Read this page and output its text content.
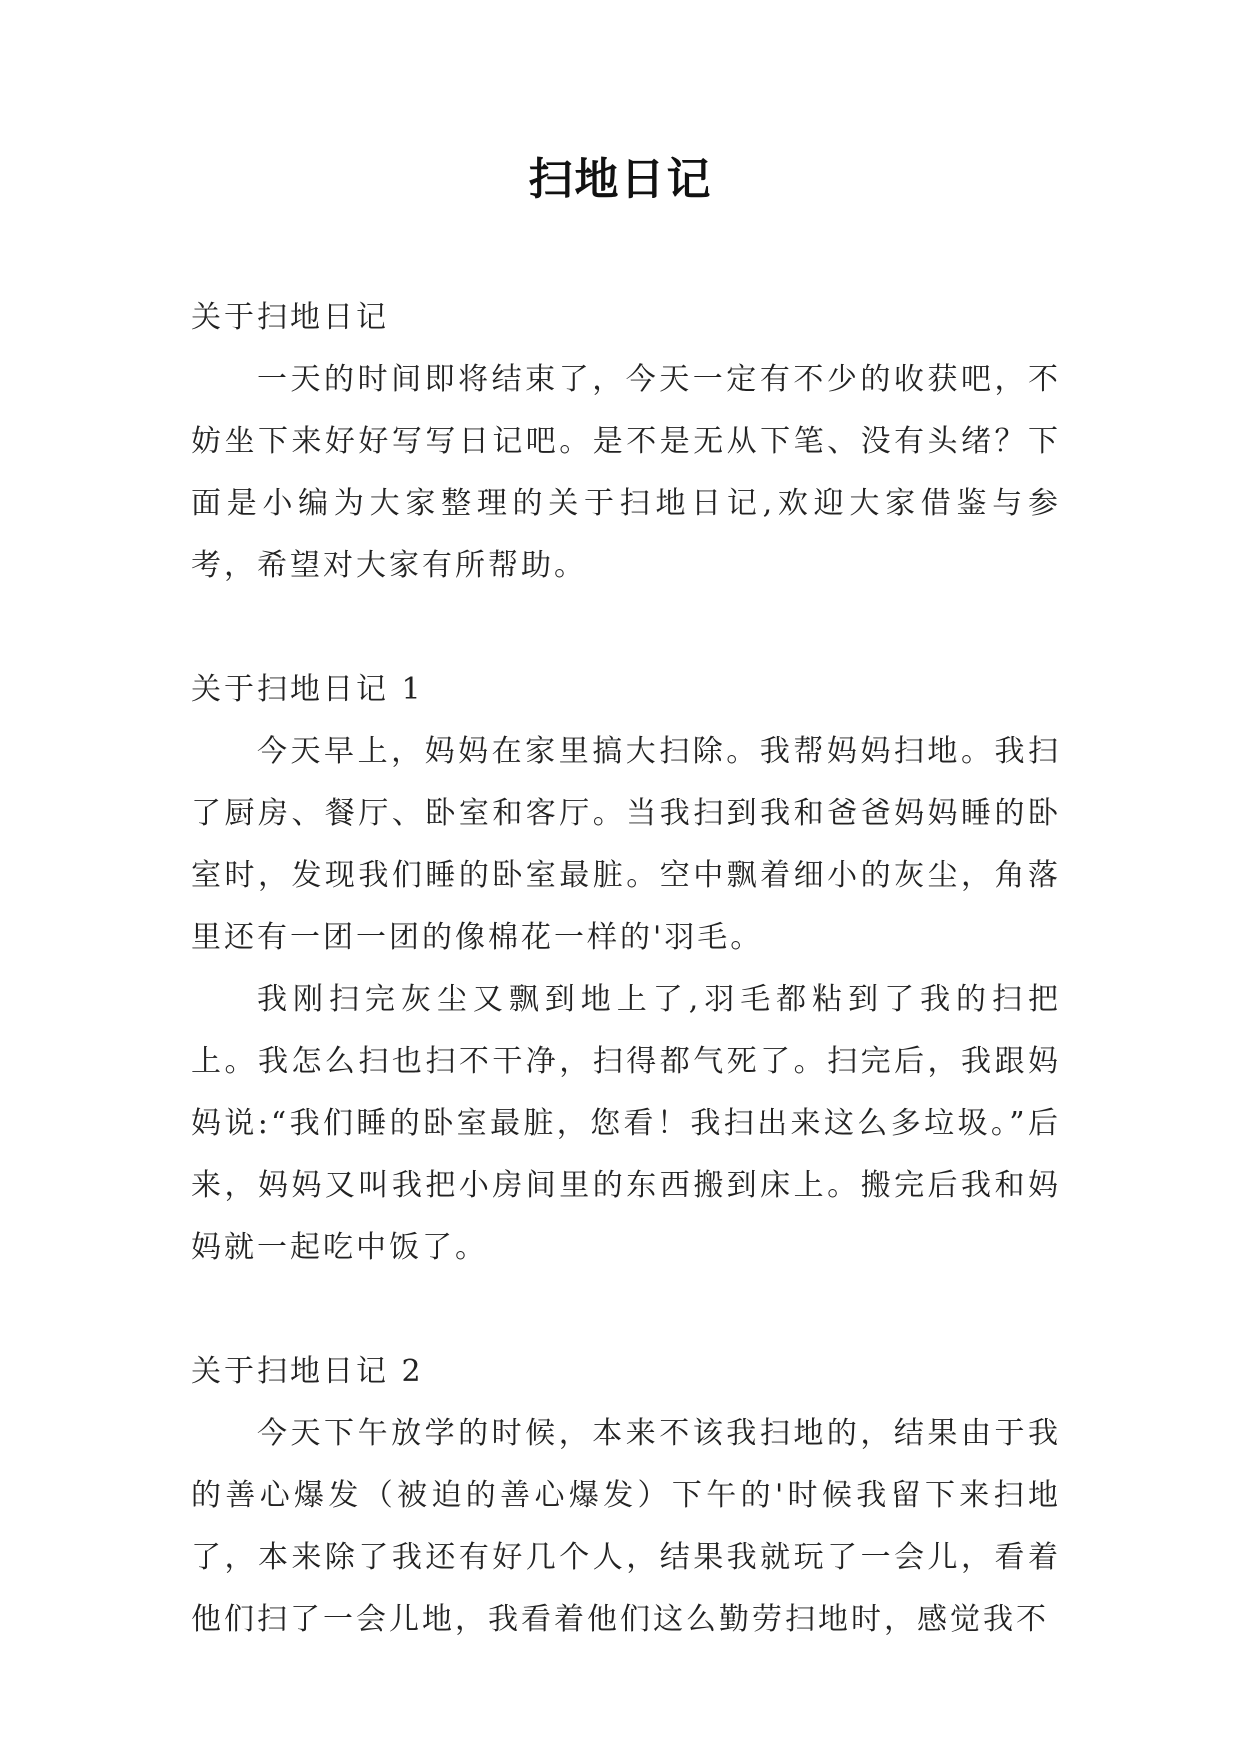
扫地日记

关于扫地日记

一天的时间即将结束了，今天一定有不少的收获吧，不妨坐下来好好写写日记吧。是不是无从下笔、没有头绪？下面是小编为大家整理的关于扫地日记,欢迎大家借鉴与参考，希望对大家有所帮助。

关于扫地日记 1

今天早上，妈妈在家里搞大扫除。我帮妈妈扫地。我扫了厨房、餐厅、卧室和客厅。当我扫到我和爸爸妈妈睡的卧室时，发现我们睡的卧室最脏。空中飘着细小的灰尘，角落里还有一团一团的像棉花一样的'羽毛。

我刚扫完灰尘又飘到地上了,羽毛都粘到了我的扫把上。我怎么扫也扫不干净，扫得都气死了。扫完后，我跟妈妈说:“我们睡的卧室最脏，您看！我扫出来这么多垃圾。”后来，妈妈又叫我把小房间里的东西搬到床上。搬完后我和妈妈就一起吃中饭了。

关于扫地日记 2

今天下午放学的时候，本来不该我扫地的，结果由于我的善心爆发（被迫的善心爆发）下午的'时候我留下来扫地了，本来除了我还有好几个人，结果我就玩了一会儿，看着他们扫了一会儿地，我看着他们这么勤劳扫地时，感觉我不
